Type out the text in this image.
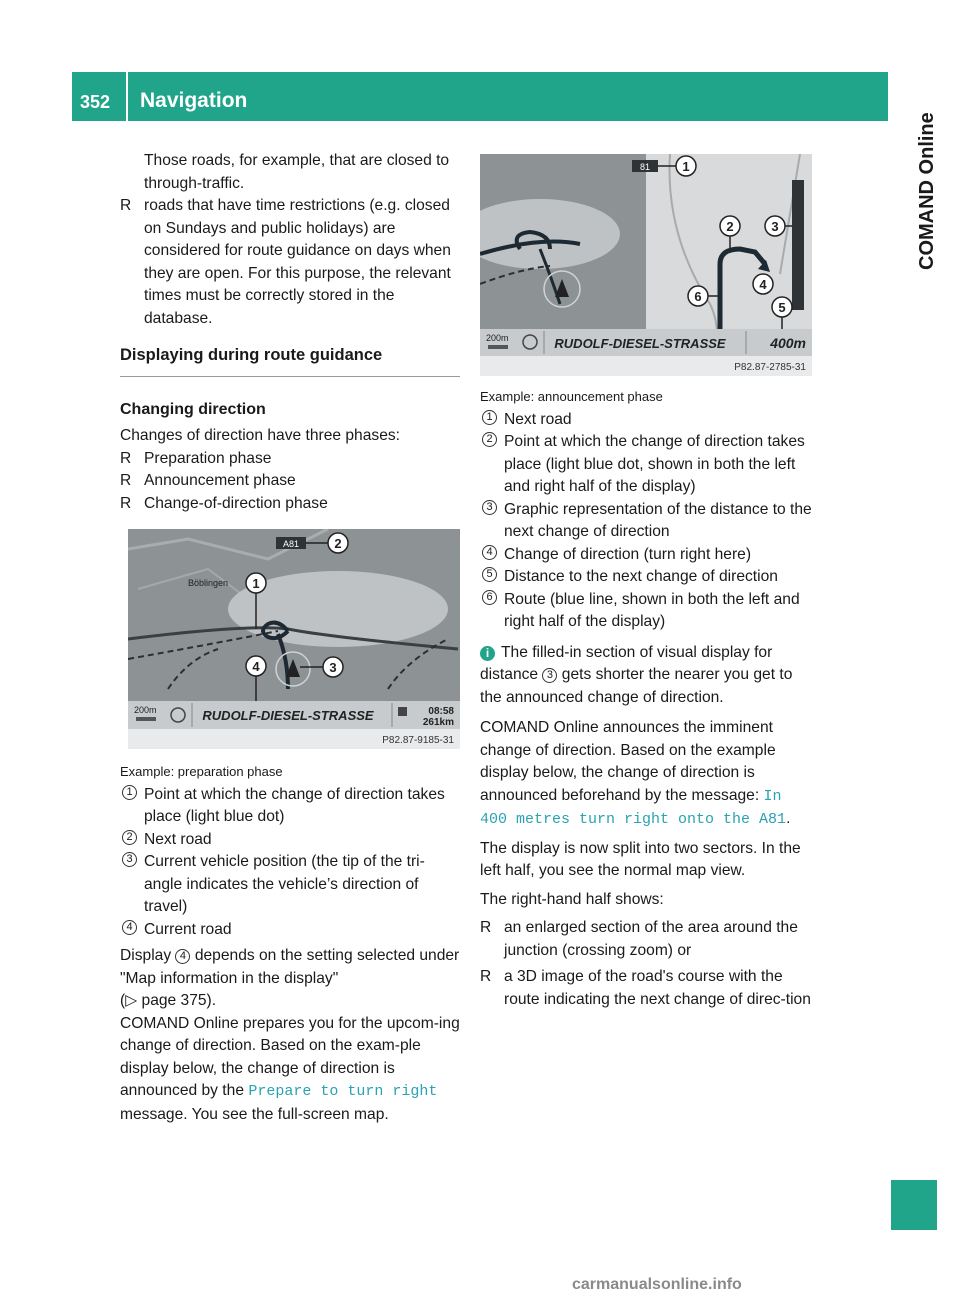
352 Navigation
COMAND Online

Those roads, for example, that are closed to through-traffic.

R roads that have time restrictions (e.g. closed on Sundays and public holidays) are considered for route guidance on days when they are open. For this purpose, the relevant times must be correctly stored in the database.

Displaying during route guidance

Changing direction

Changes of direction have three phases:

R Preparation phase

R Announcement phase

R Change-of-direction phase

A81
Böblingen
2
1
4	3
200m	RUDOLF-DIESEL-STRASSE	08:58
261km
P82.87-9185-31

Example: preparation phase

1 Point at which the change of direction takes place (light blue dot)

2 Next road

3 Current vehicle position (the tip of the tri-angle indicates the vehicle’s direction of travel)

4 Current road

Display 4 depends on the setting selected under "Map information in the display"

(▷ page 375).

COMAND Online prepares you for the upcom-ing change of direction. Based on the exam-ple display below, the change of direction is announced by the Prepare to turn right message. You see the full-screen map.

81 1
2	3
4
5
6
200m	RUDOLF-DIESEL-STRASSE	400m
P82.87-2785-31

Example: announcement phase

1 Next road

2 Point at which the change of direction takes place (light blue dot, shown in both the left and right half of the display)

3 Graphic representation of the distance to the next change of direction

4 Change of direction (turn right here)

5 Distance to the next change of direction

6 Route (blue line, shown in both the left and right half of the display)

i The filled-in section of visual display for distance 3 gets shorter the nearer you get to the announced change of direction.

COMAND Online announces the imminent change of direction. Based on the example display below, the change of direction is announced beforehand by the message: In 400 metres turn right onto the A81.

The display is now split into two sectors. In the left half, you see the normal map view.

The right-hand half shows:

R an enlarged section of the area around the junction (crossing zoom) or

R a 3D image of the road's course with the route indicating the next change of direc-tion

carmanualsonline.info
